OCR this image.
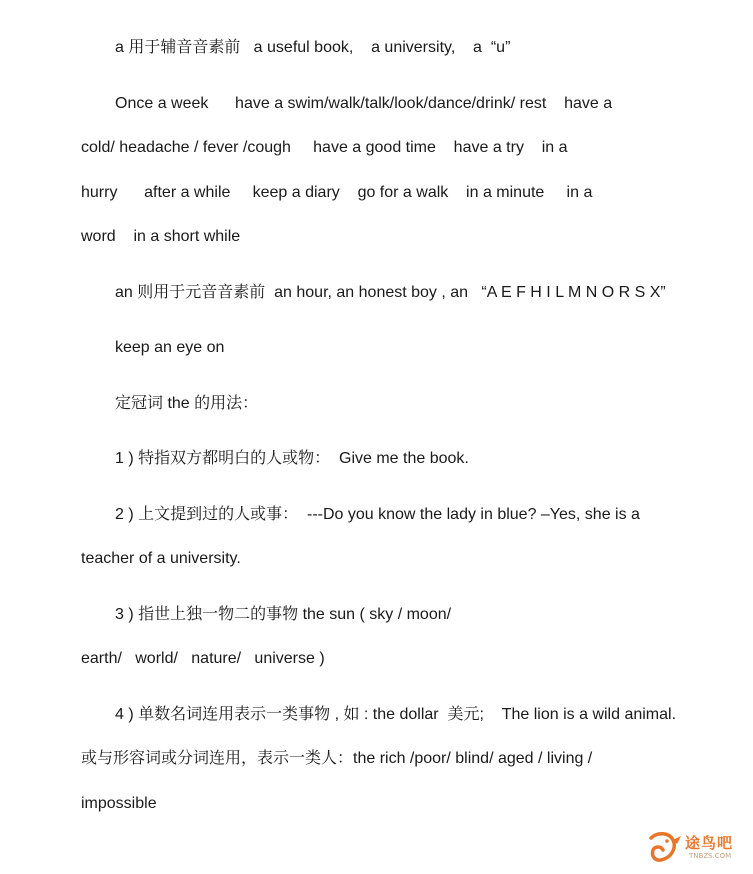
a 用于辅音音素前   a useful book,    a university,    a  “u”
Once a week      have a swim/walk/talk/look/dance/drink/ rest    have a
cold/ headache / fever /cough     have a good time    have a try    in a
hurry      after a while     keep a diary    go for a walk    in a minute     in a
word    in a short while
an 则用于元音音素前  an hour, an honest boy , an   “A E F H I L M N O R S X”
keep an eye on
定冠词 the 的用法：
1 ) 特指双方都明白的人或物：  Give me the book.
2 ) 上文提到过的人或事：  ---Do you know the lady in blue? –Yes, she is a
teacher of a university.
3 ) 指世上独一物二的事物 the sun ( sky / moon/
earth/   world/   nature/   universe )
4 ) 单数名词连用表示一类事物 , 如 : the dollar  美元;    The lion is a wild animal.
或与形容词或分词连用，表示一类人：the rich /poor/ blind/ aged / living /
impossible
途鸟吧
TNBZS.COM
